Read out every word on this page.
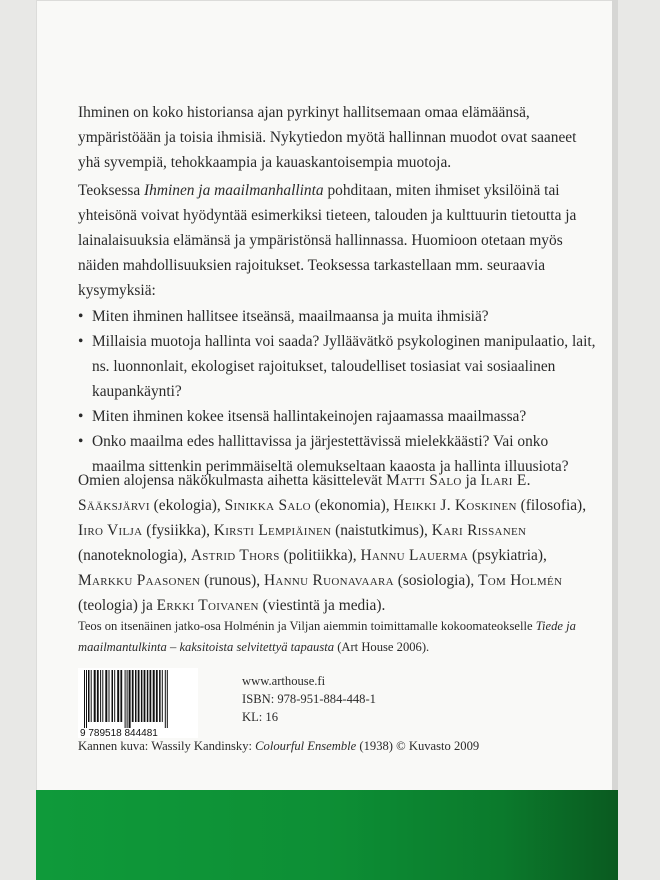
Ihminen on koko historiansa ajan pyrkinyt hallitsemaan omaa elämäänsä, ympäristöään ja toisia ihmisiä. Nykytiedon myötä hallinnan muodot ovat saaneet yhä syvempiä, tehokkaampia ja kauaskantoisempia muotoja.

Teoksessa Ihminen ja maailmanhallinta pohditaan, miten ihmiset yksilöinä tai yhteisönä voivat hyödyntää esimerkiksi tieteen, talouden ja kulttuurin tietoutta ja lainalaisuuksia elämänsä ja ympäristönsä hallinnassa. Huomioon otetaan myös näiden mahdollisuuksien rajoitukset. Teoksessa tarkastellaan mm. seuraavia kysymyksiä:

• Miten ihminen hallitsee itseänsä, maailmaansa ja muita ihmisiä?
• Millaisia muotoja hallinta voi saada? Jylläävätkö psykologinen manipulaatio, lait, ns. luonnonlait, ekologiset rajoitukset, taloudelliset tosiasiat vai sosiaalinen kaupankäynti?
• Miten ihminen kokee itsensä hallintakeinojen rajaamassa maailmassa?
• Onko maailma edes hallittavissa ja järjestettävissä mielekkäästi? Vai onko maailma sittenkin perimmäiseltä olemukseltaan kaaosta ja hallinta illuusiota?

Omien alojensa näkökulmasta aihetta käsittelevät Matti Salo ja Ilari E. Sääksjärvi (ekologia), Sinikka Salo (ekonomia), Heikki J. Koskinen (filosofia), Iiro Vilja (fysiikka), Kirsti Lempiäinen (naistutkimus), Kari Rissanen (nanoteknologia), Astrid Thors (politiikka), Hannu Lauerma (psykiatria), Markku Paasonen (runous), Hannu Ruonavaara (sosiologia), Tom Holmén (teologia) ja Erkki Toivanen (viestintä ja media).

Teos on itsenäinen jatko-osa Holménin ja Viljan aiemmin toimittamalle kokoomateokselle Tiede ja maailmantulkinta – kaksitoista selvitettyä tapausta (Art House 2006).

9 789518 844481
www.arthouse.fi
ISBN: 978-951-884-448-1
KL: 16

Kannen kuva: Wassily Kandinsky: Colourful Ensemble (1938) © Kuvasto 2009
